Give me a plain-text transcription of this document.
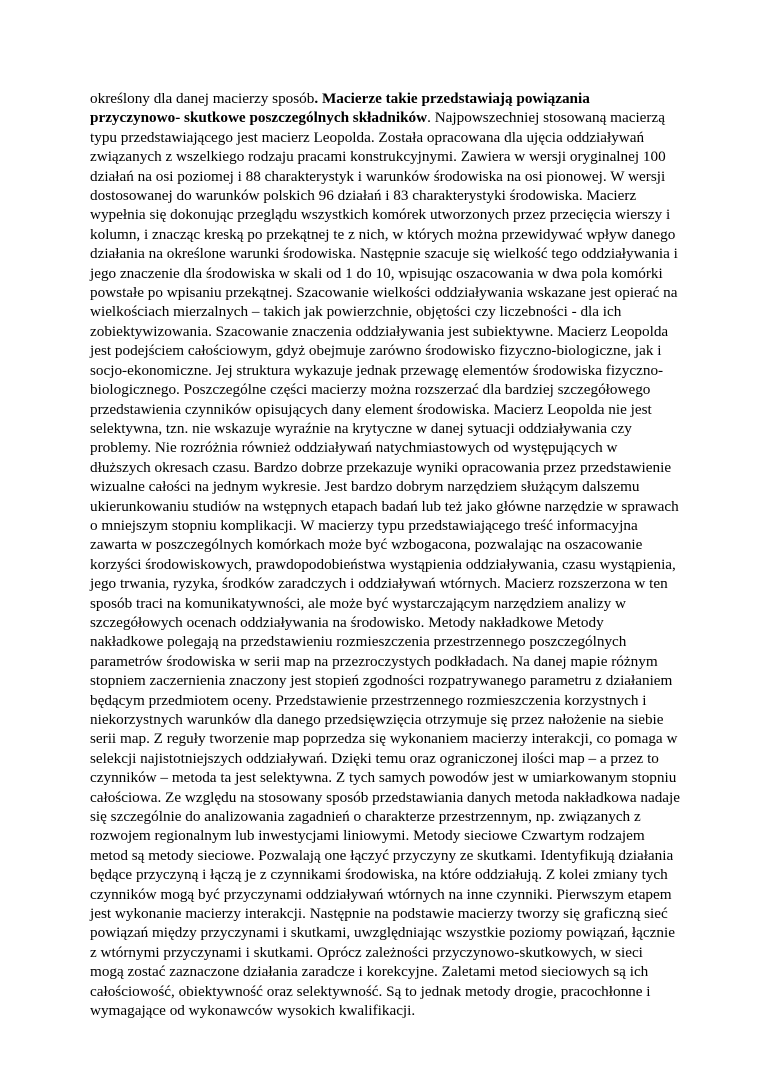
określony dla danej macierzy sposób. Macierze takie przedstawiają powiązania przyczynowo- skutkowe poszczególnych składników. Najpowszechniej stosowaną macierzą typu przedstawiającego jest macierz Leopolda. Została opracowana dla ujęcia oddziaływań związanych z wszelkiego rodzaju pracami konstrukcyjnymi. Zawiera w wersji oryginalnej 100 działań na osi poziomej i 88 charakterystyk i warunków środowiska na osi pionowej. W wersji dostosowanej do warunków polskich 96 działań i 83 charakterystyki środowiska. Macierz wypełnia się dokonując przeglądu wszystkich komórek utworzonych przez przecięcia wierszy i kolumn, i znacząc kreską po przekątnej te z nich, w których można przewidywać wpływ danego działania na określone warunki środowiska. Następnie szacuje się wielkość tego oddziaływania i jego znaczenie dla środowiska w skali od 1 do 10, wpisując oszacowania w dwa pola komórki powstałe po wpisaniu przekątnej. Szacowanie wielkości oddziaływania wskazane jest opierać na wielkościach mierzalnych – takich jak powierzchnie, objętości czy liczebności - dla ich zobiektywizowania. Szacowanie znaczenia oddziaływania jest subiektywne. Macierz Leopolda jest podejściem całościowym, gdyż obejmuje zarówno środowisko fizyczno-biologiczne, jak i socjo-ekonomiczne. Jej struktura wykazuje jednak przewagę elementów środowiska fizyczno-biologicznego. Poszczególne części macierzy można rozszerzać dla bardziej szczegółowego przedstawienia czynników opisujących dany element środowiska. Macierz Leopolda nie jest selektywna, tzn. nie wskazuje wyraźnie na krytyczne w danej sytuacji oddziaływania czy problemy. Nie rozróżnia również oddziaływań natychmiastowych od występujących w dłuższych okresach czasu. Bardzo dobrze przekazuje wyniki opracowania przez przedstawienie wizualne całości na jednym wykresie. Jest bardzo dobrym narzędziem służącym dalszemu ukierunkowaniu studiów na wstępnych etapach badań lub też jako główne narzędzie w sprawach o mniejszym stopniu komplikacji. W macierzy typu przedstawiającego treść informacyjna zawarta w poszczególnych komórkach może być wzbogacona, pozwalając na oszacowanie korzyści środowiskowych, prawdopodobieństwa wystąpienia oddziaływania, czasu wystąpienia, jego trwania, ryzyka, środków zaradczych i oddziaływań wtórnych. Macierz rozszerzona w ten sposób traci na komunikatywności, ale może być wystarczającym narzędziem analizy w szczegółowych ocenach oddziaływania na środowisko. Metody nakładkowe Metody nakładkowe polegają na przedstawieniu rozmieszczenia przestrzennego poszczególnych parametrów środowiska w serii map na przezroczystych podkładach. Na danej mapie różnym stopniem zaczernienia znaczony jest stopień zgodności rozpatrywanego parametru z działaniem będącym przedmiotem oceny. Przedstawienie przestrzennego rozmieszczenia korzystnych i niekorzystnych warunków dla danego przedsięwzięcia otrzymuje się przez nałożenie na siebie serii map. Z reguły tworzenie map poprzedza się wykonaniem macierzy interakcji, co pomaga w selekcji najistotniejszych oddziaływań. Dzięki temu oraz ograniczonej ilości map – a przez to czynników – metoda ta jest selektywna. Z tych samych powodów jest w umiarkowanym stopniu całościowa. Ze względu na stosowany sposób przedstawiania danych metoda nakładkowa nadaje się szczególnie do analizowania zagadnień o charakterze przestrzennym, np. związanych z rozwojem regionalnym lub inwestycjami liniowymi. Metody sieciowe Czwartym rodzajem metod są metody sieciowe. Pozwalają one łączyć przyczyny ze skutkami. Identyfikują działania będące przyczyną i łączą je z czynnikami środowiska, na które oddziałują. Z kolei zmiany tych czynników mogą być przyczynami oddziaływań wtórnych na inne czynniki. Pierwszym etapem jest wykonanie macierzy interakcji. Następnie na podstawie macierzy tworzy się graficzną sieć powiązań między przyczynami i skutkami, uwzględniając wszystkie poziomy powiązań, łącznie z wtórnymi przyczynami i skutkami. Oprócz zależności przyczynowo-skutkowych, w sieci mogą zostać zaznaczone działania zaradcze i korekcyjne. Zaletami metod sieciowych są ich całościowość, obiektywność oraz selektywność. Są to jednak metody drogie, pracochłonne i wymagające od wykonawców wysokich kwalifikacji.
